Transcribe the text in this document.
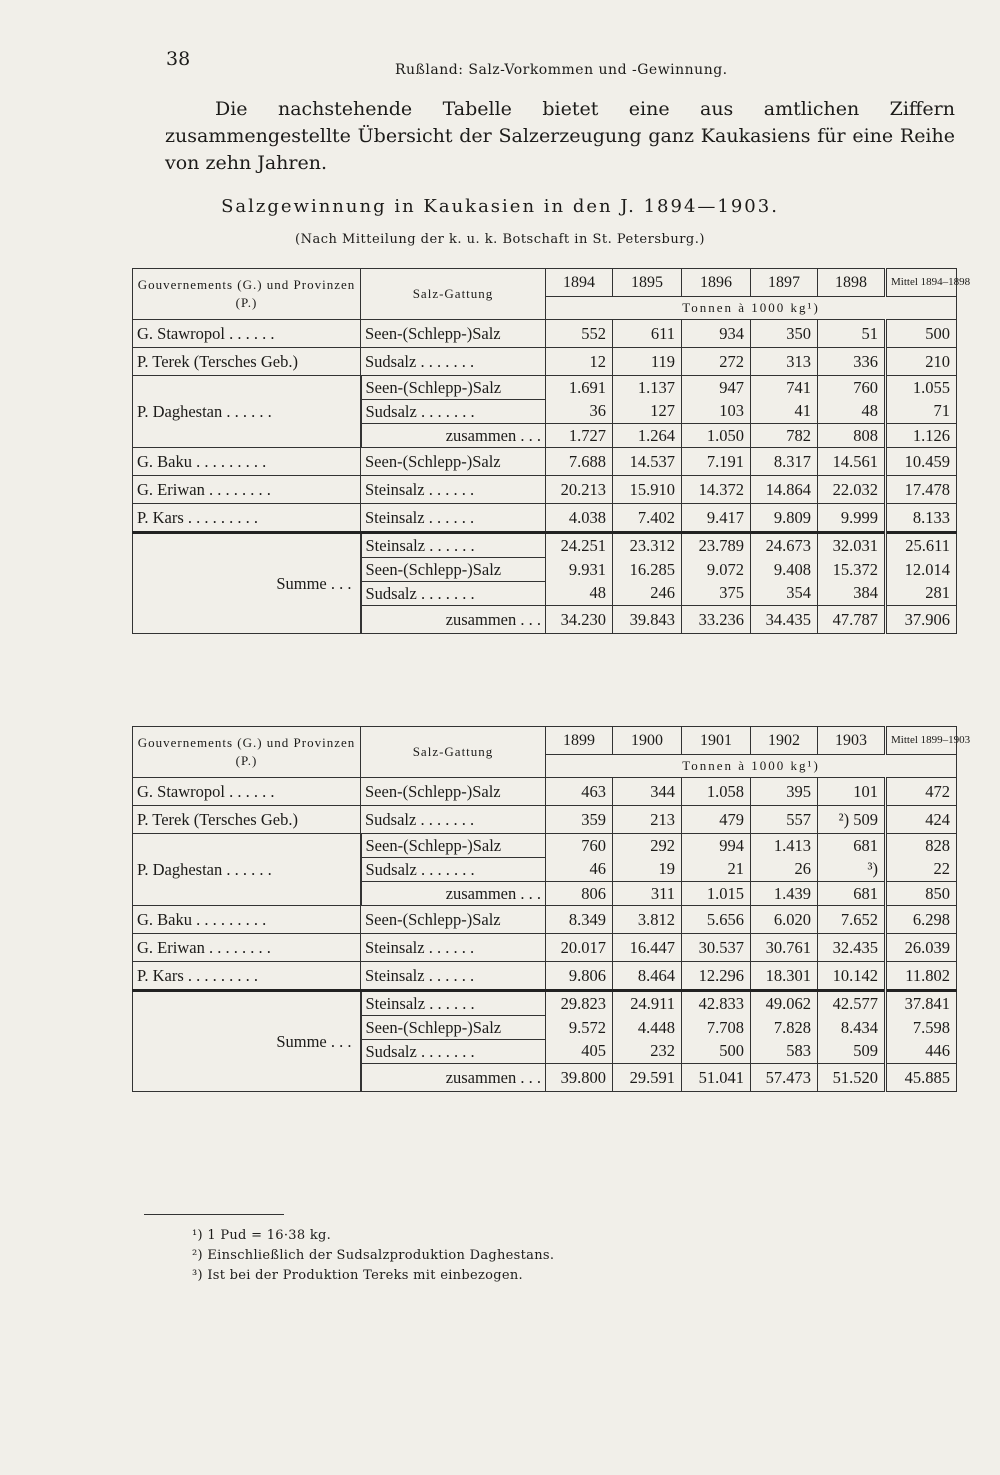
38	Rußland: Salz-Vorkommen und -Gewinnung.
Die nachstehende Tabelle bietet eine aus amtlichen Ziffern zusammengestellte Übersicht der Salzerzeugung ganz Kaukasiens für eine Reihe von zehn Jahren.
Salzgewinnung in Kaukasien in den J. 1894—1903.
(Nach Mitteilung der k. u. k. Botschaft in St. Petersburg.)
Gouvernements (G.) und Provinzen (P.)	Salz-Gattung	1894	1895	1896	1897	1898	Mittel 1894–1898
		Tonnen à 1000 kg¹)					
G. Stawropol . . . . . .	Seen-(Schlepp-)Salz	552	611	934	350	51	500
P. Terek (Tersches Geb.)	Sudsalz . . . . . . .	12	119	272	313	336	210
P. Daghestan . . . . . .	Seen-(Schlepp-)Salz	1.691	1.137	947	741	760	1.055
	Sudsalz . . . . . . .	36	127	103	41	48	71
	zusammen . . .	1.727	1.264	1.050	782	808	1.126
G. Baku . . . . . . . . .	Seen-(Schlepp-)Salz	7.688	14.537	7.191	8.317	14.561	10.459
G. Eriwan . . . . . . . .	Steinsalz . . . . . .	20.213	15.910	14.372	14.864	22.032	17.478
P. Kars . . . . . . . . .	Steinsalz . . . . . .	4.038	7.402	9.417	9.809	9.999	8.133
Summe . . .	Steinsalz . . . . . .	24.251	23.312	23.789	24.673	32.031	25.611
	Seen-(Schlepp-)Salz	9.931	16.285	9.072	9.408	15.372	12.014
	Sudsalz . . . . . . .	48	246	375	354	384	281
	zusammen . . .	34.230	39.843	33.236	34.435	47.787	37.906
Gouvernements (G.) und Provinzen (P.)	Salz-Gattung	1899	1900	1901	1902	1903	Mittel 1899–1903
		Tonnen à 1000 kg¹)					
G. Stawropol . . . . . .	Seen-(Schlepp-)Salz	463	344	1.058	395	101	472
P. Terek (Tersches Geb.)	Sudsalz . . . . . . .	359	213	479	557	²) 509	424
P. Daghestan . . . . . .	Seen-(Schlepp-)Salz	760	292	994	1.413	681	828
	Sudsalz . . . . . . .	46	19	21	26	³)	22
	zusammen . . .	806	311	1.015	1.439	681	850
G. Baku . . . . . . . . .	Seen-(Schlepp-)Salz	8.349	3.812	5.656	6.020	7.652	6.298
G. Eriwan . . . . . . . .	Steinsalz . . . . . .	20.017	16.447	30.537	30.761	32.435	26.039
P. Kars . . . . . . . . .	Steinsalz . . . . . .	9.806	8.464	12.296	18.301	10.142	11.802
Summe . . .	Steinsalz . . . . . .	29.823	24.911	42.833	49.062	42.577	37.841
	Seen-(Schlepp-)Salz	9.572	4.448	7.708	7.828	8.434	7.598
	Sudsalz . . . . . . .	405	232	500	583	509	446
	zusammen . . .	39.800	29.591	51.041	57.473	51.520	45.885
¹) 1 Pud = 16·38 kg.
²) Einschließlich der Sudsalzproduktion Daghestans.
³) Ist bei der Produktion Tereks mit einbezogen.
